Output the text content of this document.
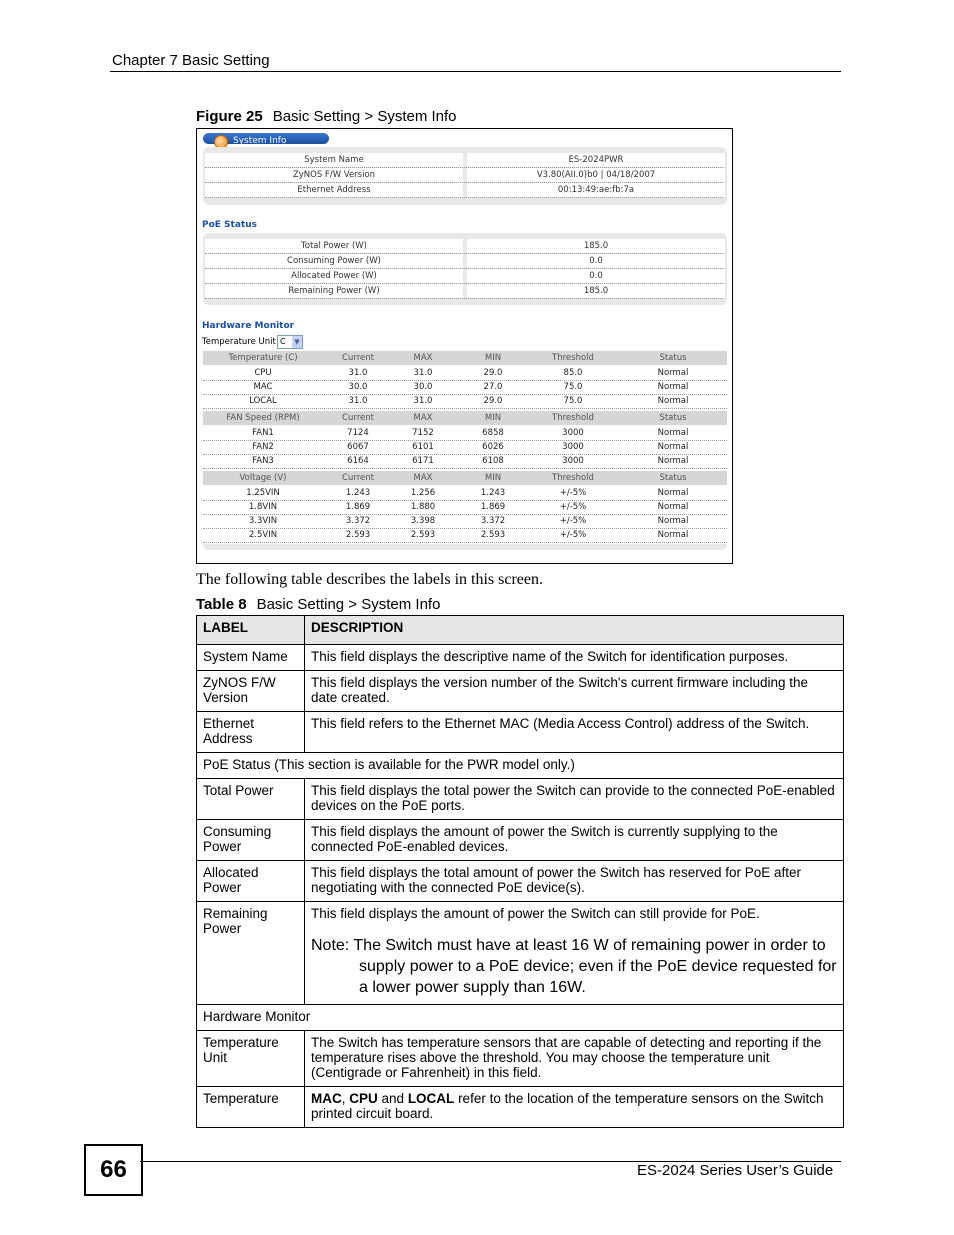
Chapter 7 Basic Setting
Figure 25 Basic Setting > System Info
System Info
System Name	ES-2024PWR
ZyNOS F/W Version	V3.80(AII.0)b0 | 04/18/2007
Ethernet Address	00:13:49:ae:fb:7a
PoE Status
Total Power (W)	185.0
Consuming Power (W)	0.0
Allocated Power (W)	0.0
Remaining Power (W)	185.0
Hardware Monitor
Temperature Unit C	▼
Temperature (C)	Current	MAX	MIN	Threshold	Status
CPU	31.0	31.0	29.0	85.0	Normal
MAC	30.0	30.0	27.0	75.0	Normal
LOCAL	31.0	31.0	29.0	75.0	Normal
FAN Speed (RPM)	Current	MAX	MIN	Threshold	Status
FAN1	7124	7152	6858	3000	Normal
FAN2	6067	6101	6026	3000	Normal
FAN3	6164	6171	6108	3000	Normal
Voltage (V)	Current	MAX	MIN	Threshold	Status
1.25VIN	1.243	1.256	1.243	+/-5%	Normal
1.8VIN	1.869	1.880	1.869	+/-5%	Normal
3.3VIN	3.372	3.398	3.372	+/-5%	Normal
2.5VIN	2.593	2.593	2.593	+/-5%	Normal
The following table describes the labels in this screen.
Table 8 Basic Setting > System Info
LABEL	DESCRIPTION
System Name	This field displays the descriptive name of the Switch for identification purposes.
ZyNOS F/W Version	This field displays the version number of the Switch's current firmware including the date created.
Ethernet Address	This field refers to the Ethernet MAC (Media Access Control) address of the Switch.
PoE Status (This section is available for the PWR model only.)	
Total Power	This field displays the total power the Switch can provide to the connected PoE-enabled devices on the PoE ports.
Consuming Power	This field displays the amount of power the Switch is currently supplying to the connected PoE-enabled devices.
Allocated Power	This field displays the total amount of power the Switch has reserved for PoE after negotiating with the connected PoE device(s).
Remaining Power	This field displays the amount of power the Switch can still provide for PoE.
Note: The Switch must have at least 16 W of remaining power in order to supply power to a PoE device; even if the PoE device requested for a lower power supply than 16W.

Hardware Monitor	
Temperature Unit	The Switch has temperature sensors that are capable of detecting and reporting if the temperature rises above the threshold. You may choose the temperature unit (Centigrade or Fahrenheit) in this field.
Temperature	MAC, CPU and LOCAL refer to the location of the temperature sensors on the Switch printed circuit board.
66	ES-2024 Series User’s Guide
